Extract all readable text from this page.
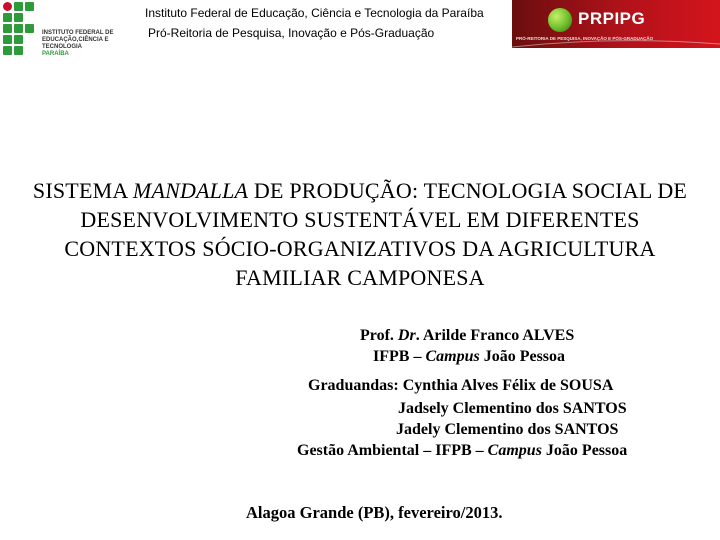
INSTITUTO FEDERAL DE
EDUCAÇÃO,CIÊNCIA E TECNOLOGIA
PARAÍBA
Instituto Federal de Educação, Ciência e Tecnologia da Paraíba
Pró-Reitoria de Pesquisa, Inovação e Pós-Graduação
PRPIPG
PRÓ-REITORIA DE PESQUISA, INOVAÇÃO E PÓS-GRADUAÇÃO
SISTEMA MANDALLA DE PRODUÇÃO: TECNOLOGIA SOCIAL DE DESENVOLVIMENTO SUSTENTÁVEL EM DIFERENTES CONTEXTOS SÓCIO-ORGANIZATIVOS DA AGRICULTURA FAMILIAR CAMPONESA
Prof. Dr. Arilde Franco ALVES
IFPB – Campus João Pessoa
Graduandas: Cynthia Alves Félix de SOUSA
Jadsely Clementino dos SANTOS
Jadely Clementino dos SANTOS
Gestão Ambiental – IFPB – Campus João Pessoa
Alagoa Grande (PB), fevereiro/2013.
